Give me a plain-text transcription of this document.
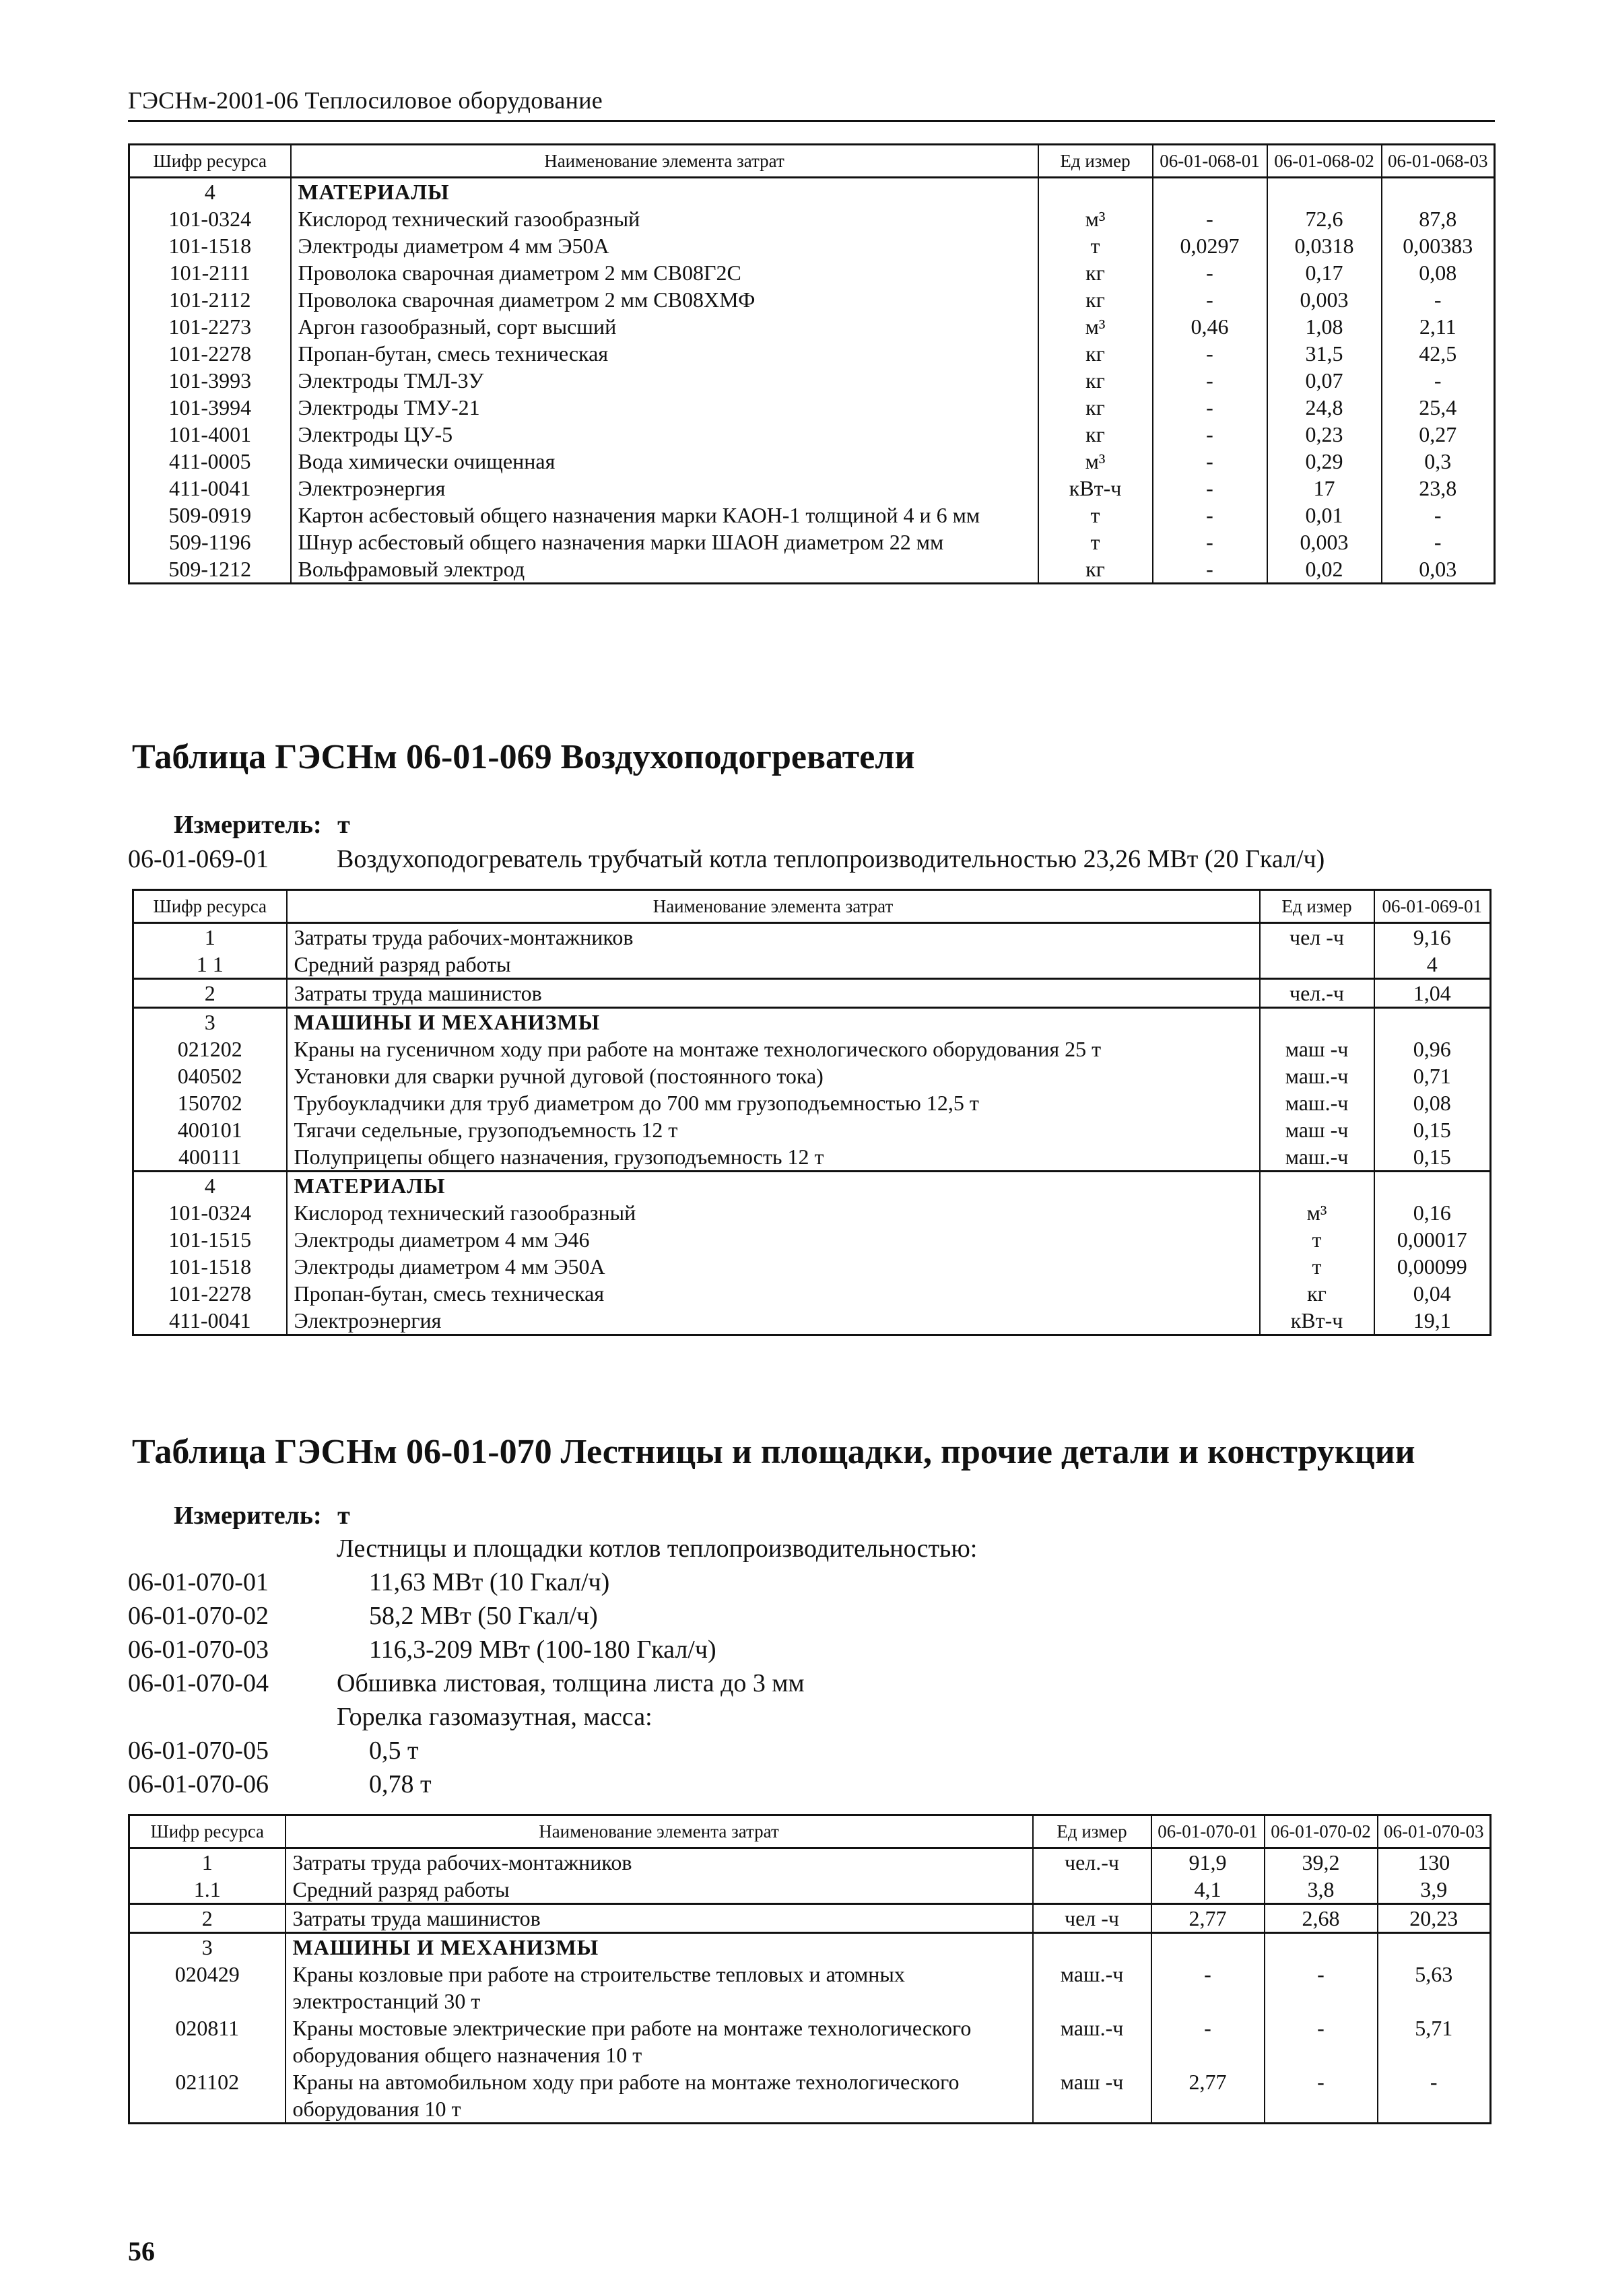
ГЭСНм-2001-06 Теплосиловое оборудование
Шифр ресурса	Наименование элемента затрат	Ед измер	06-01-068-01	06-01-068-02	06-01-068-03
4	МАТЕРИАЛЫ				
101-0324	Кислород технический газообразный	м³	-	72,6	87,8
101-1518	Электроды диаметром 4 мм Э50А	т	0,0297	0,0318	0,00383
101-2111	Проволока сварочная диаметром 2 мм СВ08Г2С	кг	-	0,17	0,08
101-2112	Проволока сварочная диаметром 2 мм СВ08ХМФ	кг	-	0,003	-
101-2273	Аргон газообразный, сорт высший	м³	0,46	1,08	2,11
101-2278	Пропан-бутан, смесь техническая	кг	-	31,5	42,5
101-3993	Электроды ТМЛ-3У	кг	-	0,07	-
101-3994	Электроды ТМУ-21	кг	-	24,8	25,4
101-4001	Электроды ЦУ-5	кг	-	0,23	0,27
411-0005	Вода химически очищенная	м³	-	0,29	0,3
411-0041	Электроэнергия	кВт-ч	-	17	23,8
509-0919	Картон асбестовый общего назначения марки КАОН-1 толщиной 4 и 6 мм	т	-	0,01	-
509-1196	Шнур асбестовый общего назначения марки ШАОН диаметром 22 мм	т	-	0,003	-
509-1212	Вольфрамовый электрод	кг	-	0,02	0,03
Таблица ГЭСНм 06-01-069 Воздухоподогреватели
Измеритель: т
06-01-069-01	Воздухоподогреватель трубчатый котла теплопроизводительностью 23,26 МВт (20 Гкал/ч)
Шифр ресурса	Наименование элемента затрат	Ед измер	06-01-069-01
1	Затраты труда рабочих-монтажников	чел -ч	9,16
1 1	Средний разряд работы		4
2	Затраты труда машинистов	чел.-ч	1,04
3	МАШИНЫ И МЕХАНИЗМЫ		
021202	Краны на гусеничном ходу при работе на монтаже технологического оборудования 25 т	маш -ч	0,96
040502	Установки для сварки ручной дуговой (постоянного тока)	маш.-ч	0,71
150702	Трубоукладчики для труб диаметром до 700 мм грузоподъемностью 12,5 т	маш.-ч	0,08
400101	Тягачи седельные, грузоподъемность 12 т	маш -ч	0,15
400111	Полуприцепы общего назначения, грузоподъемность 12 т	маш.-ч	0,15
4	МАТЕРИАЛЫ		
101-0324	Кислород технический газообразный	м³	0,16
101-1515	Электроды диаметром 4 мм Э46	т	0,00017
101-1518	Электроды диаметром 4 мм Э50А	т	0,00099
101-2278	Пропан-бутан, смесь техническая	кг	0,04
411-0041	Электроэнергия	кВт-ч	19,1
Таблица ГЭСНм 06-01-070 Лестницы и площадки, прочие детали и конструкции
Измеритель: т
Лестницы и площадки котлов теплопроизводительностью:
06-01-070-01	11,63 МВт (10 Гкал/ч)
06-01-070-02	58,2 МВт (50 Гкал/ч)
06-01-070-03	116,3-209 МВт (100-180 Гкал/ч)
06-01-070-04	Обшивка листовая, толщина листа до 3 мм
Горелка газомазутная, масса:
06-01-070-05	0,5 т
06-01-070-06	0,78 т
Шифр ресурса	Наименование элемента затрат	Ед измер	06-01-070-01	06-01-070-02	06-01-070-03
1	Затраты труда рабочих-монтажников	чел.-ч	91,9	39,2	130
1.1	Средний разряд работы		4,1	3,8	3,9
2	Затраты труда машинистов	чел -ч	2,77	2,68	20,23
3	МАШИНЫ И МЕХАНИЗМЫ				
020429	Краны козловые при работе на строительстве тепловых и атомных электростанций 30 т	маш.-ч	-	-	5,63
020811	Краны мостовые электрические при работе на монтаже технологического оборудования общего назначения 10 т	маш.-ч	-	-	5,71
021102	Краны на автомобильном ходу при работе на монтаже технологического оборудования 10 т	маш -ч	2,77	-	-
56
